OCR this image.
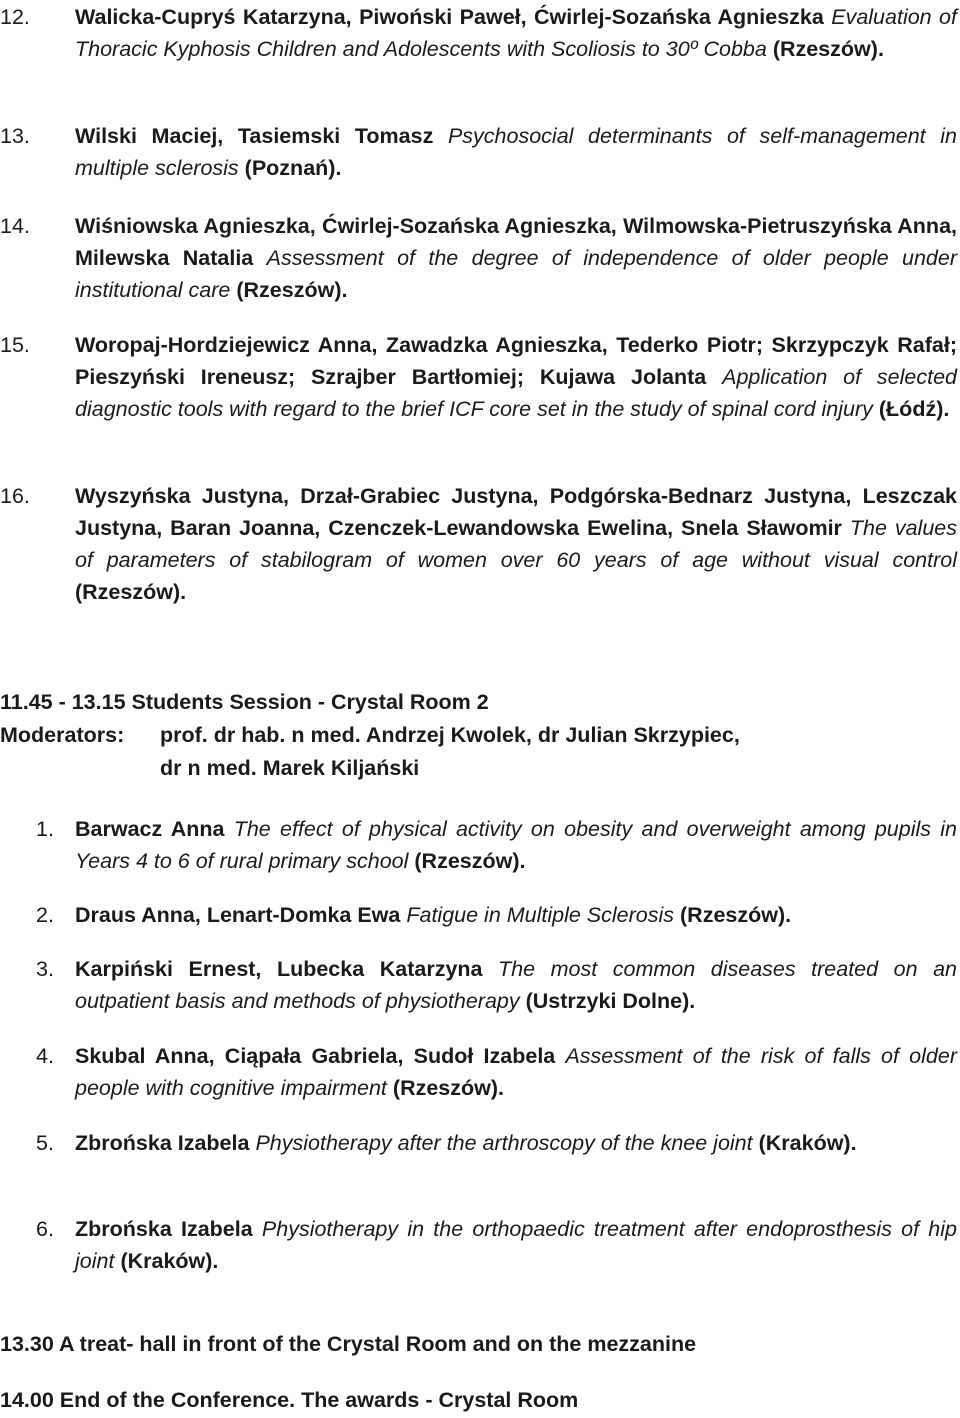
12.	Walicka-Cupryś Katarzyna, Piwoński Paweł, Ćwirlej-Sozańska Agnieszka Evaluation of Thoracic Kyphosis Children and Adolescents with Scoliosis to 30º Cobba (Rzeszów).
13.	Wilski Maciej, Tasiemski Tomasz Psychosocial determinants of self-management in multiple sclerosis (Poznań).
14.	Wiśniowska Agnieszka, Ćwirlej-Sozańska Agnieszka, Wilmowska-Pietruszyńska Anna, Milewska Natalia Assessment of the degree of independence of older people under institutional care (Rzeszów).
15.	Woropaj-Hordziejewicz Anna, Zawadzka Agnieszka, Tederko Piotr; Skrzypczyk Rafał; Pieszyński Ireneusz; Szrajber Bartłomiej; Kujawa Jolanta Application of selected diagnostic tools with regard to the brief ICF core set in the study of spinal cord injury (Łódź).
16.	Wyszyńska Justyna, Drzał-Grabiec Justyna, Podgórska-Bednarz Justyna, Leszczak Justyna, Baran Joanna, Czenczek-Lewandowska Ewelina, Snela Sławomir The values of parameters of stabilogram of women over 60 years of age without visual control (Rzeszów).
11.45 - 13.15 Students Session - Crystal Room 2
Moderators: prof. dr hab. n med. Andrzej Kwolek, dr Julian Skrzypiec,
dr n med. Marek Kiljański
1. Barwacz Anna The effect of physical activity on obesity and overweight among pupils in Years 4 to 6 of rural primary school (Rzeszów).
2. Draus Anna, Lenart-Domka Ewa Fatigue in Multiple Sclerosis (Rzeszów).
3. Karpiński Ernest, Lubecka Katarzyna The most common diseases treated on an outpatient basis and methods of physiotherapy (Ustrzyki Dolne).
4. Skubal Anna, Ciąpała Gabriela, Sudoł Izabela Assessment of the risk of falls of older people with cognitive impairment (Rzeszów).
5. Zbrońska Izabela Physiotherapy after the arthroscopy of the knee joint (Kraków).
6. Zbrońska Izabela Physiotherapy in the orthopaedic treatment after endoprosthesis of hip joint (Kraków).
13.30 A treat- hall in front of the Crystal Room and on the mezzanine
14.00 End of the Conference. The awards - Crystal Room
